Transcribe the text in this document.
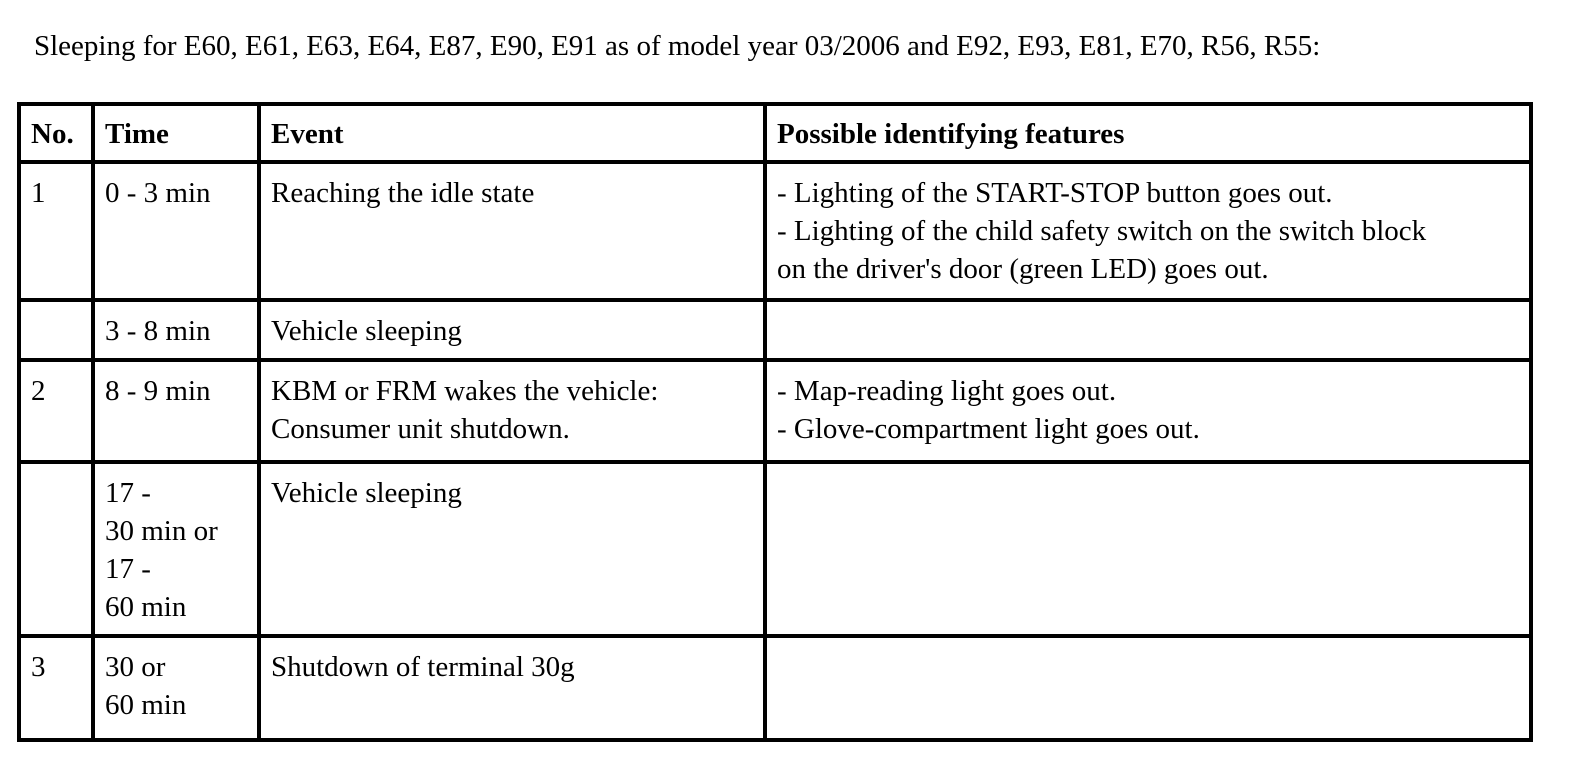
Sleeping for E60, E61, E63, E64, E87, E90, E91 as of model year 03/2006 and E92, E93, E81, E70, R56, R55:
No.	Time	Event	Possible identifying features
1	0 - 3 min	Reaching the idle state	- Lighting of the START-STOP button goes out.
- Lighting of the child safety switch on the switch block
on the driver's door (green LED) goes out.

	3 - 8 min	Vehicle sleeping	

2	8 - 9 min	KBM or FRM wakes the vehicle:
Consumer unit shutdown.	- Map-reading light goes out.
- Glove-compartment light goes out.

	17 -
30 min or
17 -
60 min	Vehicle sleeping	

3	30 or
60 min	Shutdown of terminal 30g	
